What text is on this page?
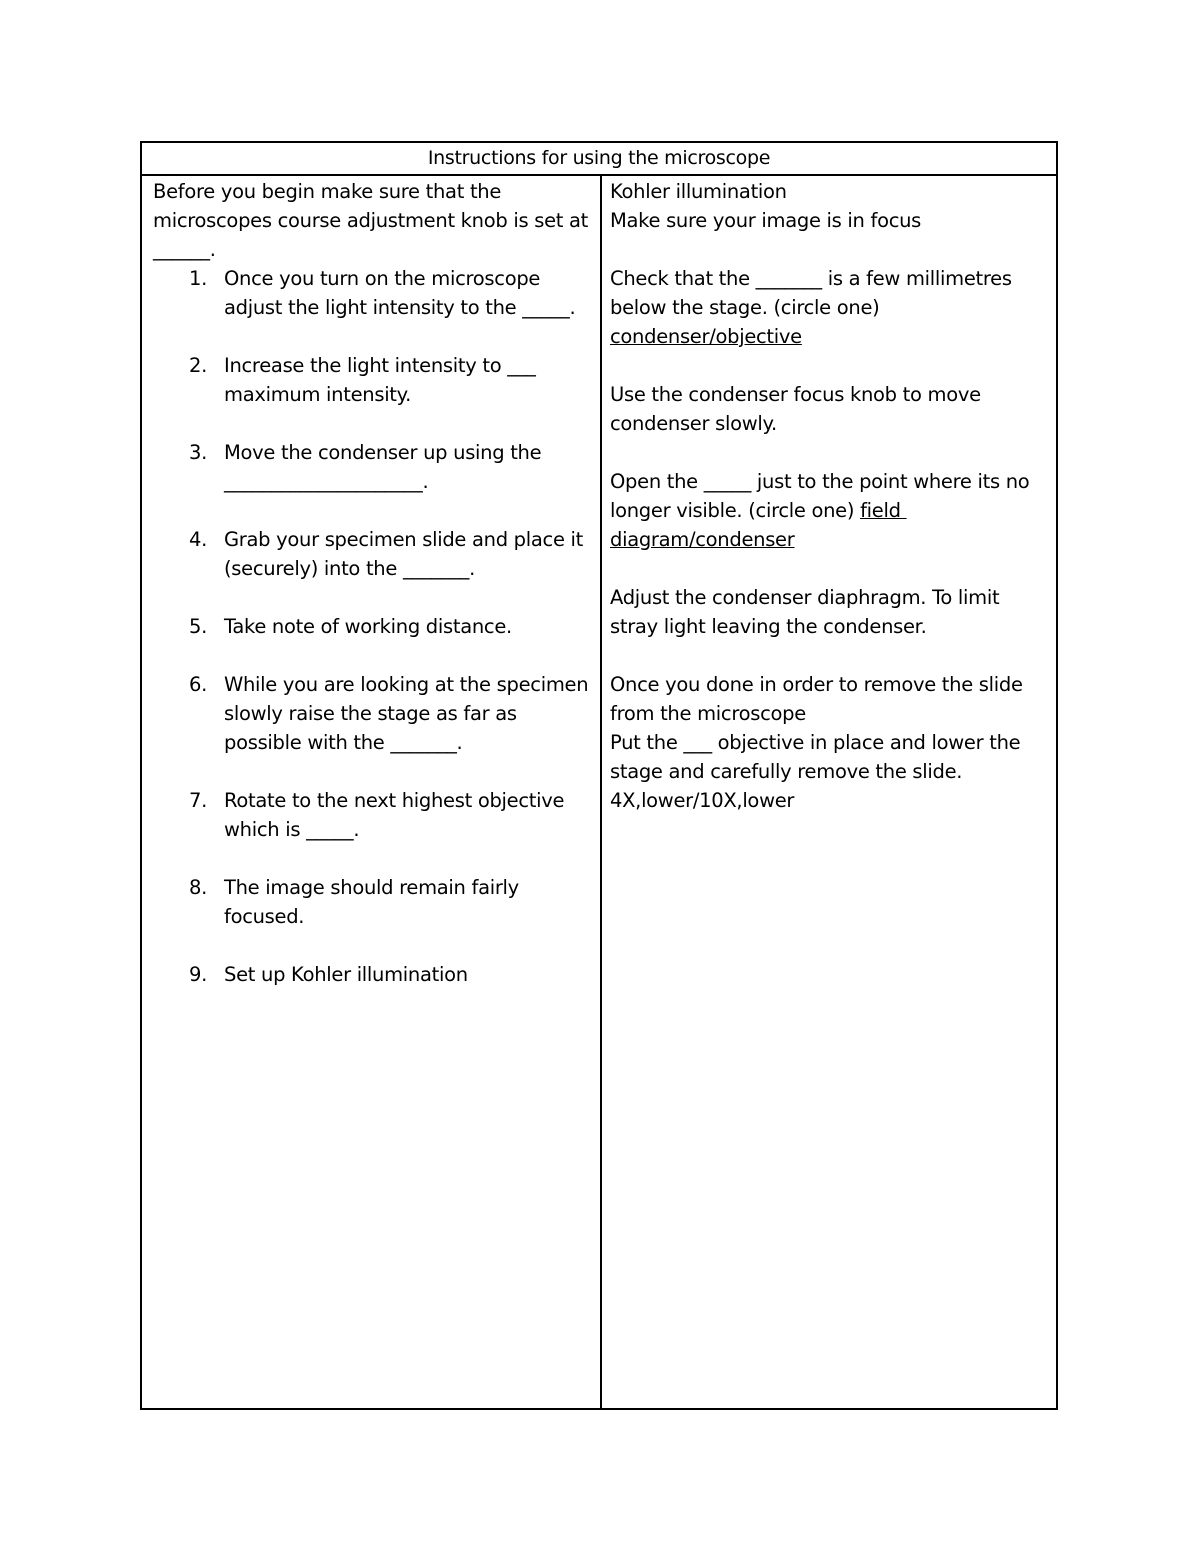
Instructions for using the microscope
Before you begin make sure that the
microscopes course adjustment knob is set at
______.
1. Once you turn on the microscope
adjust the light intensity to the _____.
2. Increase the light intensity to ___
maximum intensity.
3. Move the condenser up using the
_____________________.
4. Grab your specimen slide and place it
(securely) into the _______.
5. Take note of working distance.
6. While you are looking at the specimen
slowly raise the stage as far as
possible with the _______.
7. Rotate to the next highest objective
which is _____.
8. The image should remain fairly
focused.
9. Set up Kohler illumination
Kohler illumination
Make sure your image is in focus
Check that the _______ is a few millimetres
below the stage. (circle one)
condenser/objective
Use the condenser focus knob to move
condenser slowly.
Open the _____ just to the point where its no
longer visible. (circle one) field
diagram/condenser
Adjust the condenser diaphragm. To limit
stray light leaving the condenser.
Once you done in order to remove the slide
from the microscope
Put the ___ objective in place and lower the
stage and carefully remove the slide.
4X,lower/10X,lower
